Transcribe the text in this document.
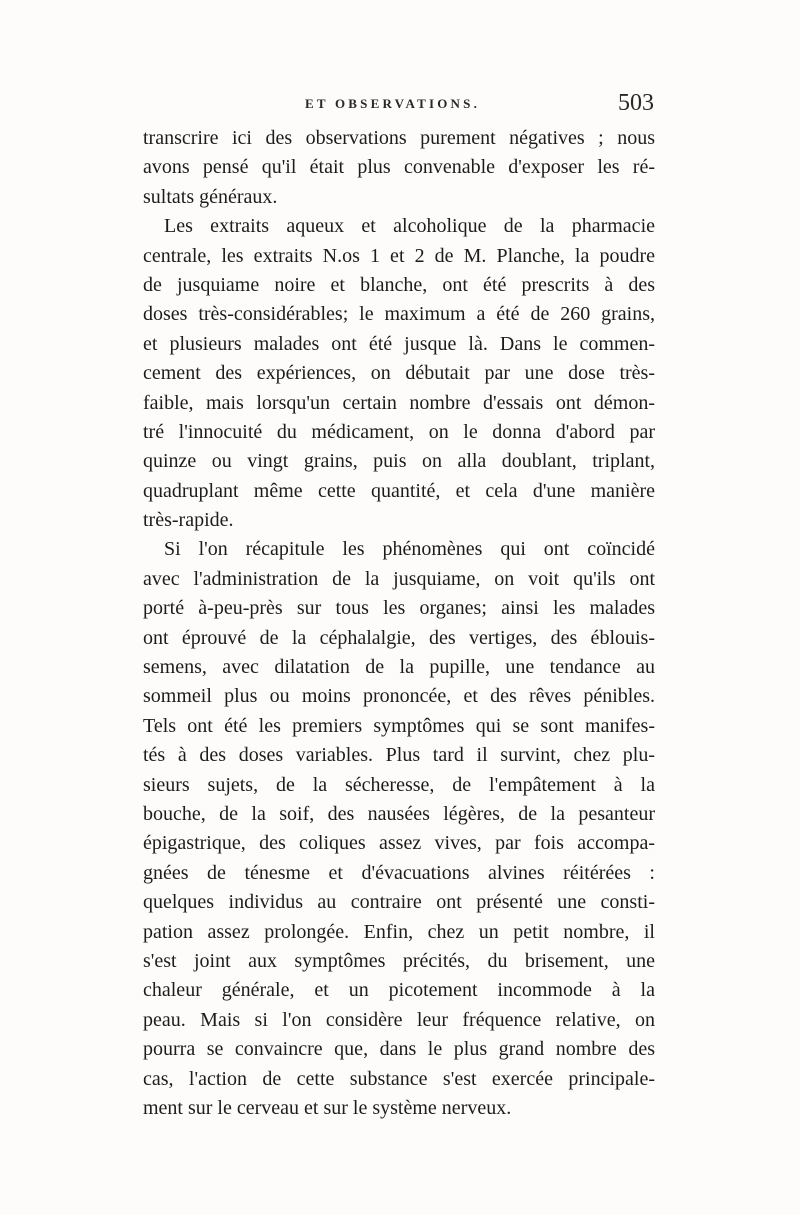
ET OBSERVATIONS.	503
transcrire ici des observations purement négatives ; nous
avons pensé qu'il était plus convenable d'exposer les ré-
sultats généraux.
Les extraits aqueux et alcoholique de la pharmacie
centrale, les extraits N.os 1 et 2 de M. Planche, la poudre
de jusquiame noire et blanche, ont été prescrits à des
doses très-considérables; le maximum a été de 260 grains,
et plusieurs malades ont été jusque là. Dans le commen-
cement des expériences, on débutait par une dose très-
faible, mais lorsqu'un certain nombre d'essais ont démon-
tré l'innocuité du médicament, on le donna d'abord par
quinze ou vingt grains, puis on alla doublant, triplant,
quadruplant même cette quantité, et cela d'une manière
très-rapide.
Si l'on récapitule les phénomènes qui ont coïncidé
avec l'administration de la jusquiame, on voit qu'ils ont
porté à-peu-près sur tous les organes; ainsi les malades
ont éprouvé de la céphalalgie, des vertiges, des éblouis-
semens, avec dilatation de la pupille, une tendance au
sommeil plus ou moins prononcée, et des rêves pénibles.
Tels ont été les premiers symptômes qui se sont manifes-
tés à des doses variables. Plus tard il survint, chez plu-
sieurs sujets, de la sécheresse, de l'empâtement à la
bouche, de la soif, des nausées légères, de la pesanteur
épigastrique, des coliques assez vives, par fois accompa-
gnées de ténesme et d'évacuations alvines réitérées :
quelques individus au contraire ont présenté une consti-
pation assez prolongée. Enfin, chez un petit nombre, il
s'est joint aux symptômes précités, du brisement, une
chaleur générale, et un picotement incommode à la
peau. Mais si l'on considère leur fréquence relative, on
pourra se convaincre que, dans le plus grand nombre des
cas, l'action de cette substance s'est exercée principale-
ment sur le cerveau et sur le système nerveux.
